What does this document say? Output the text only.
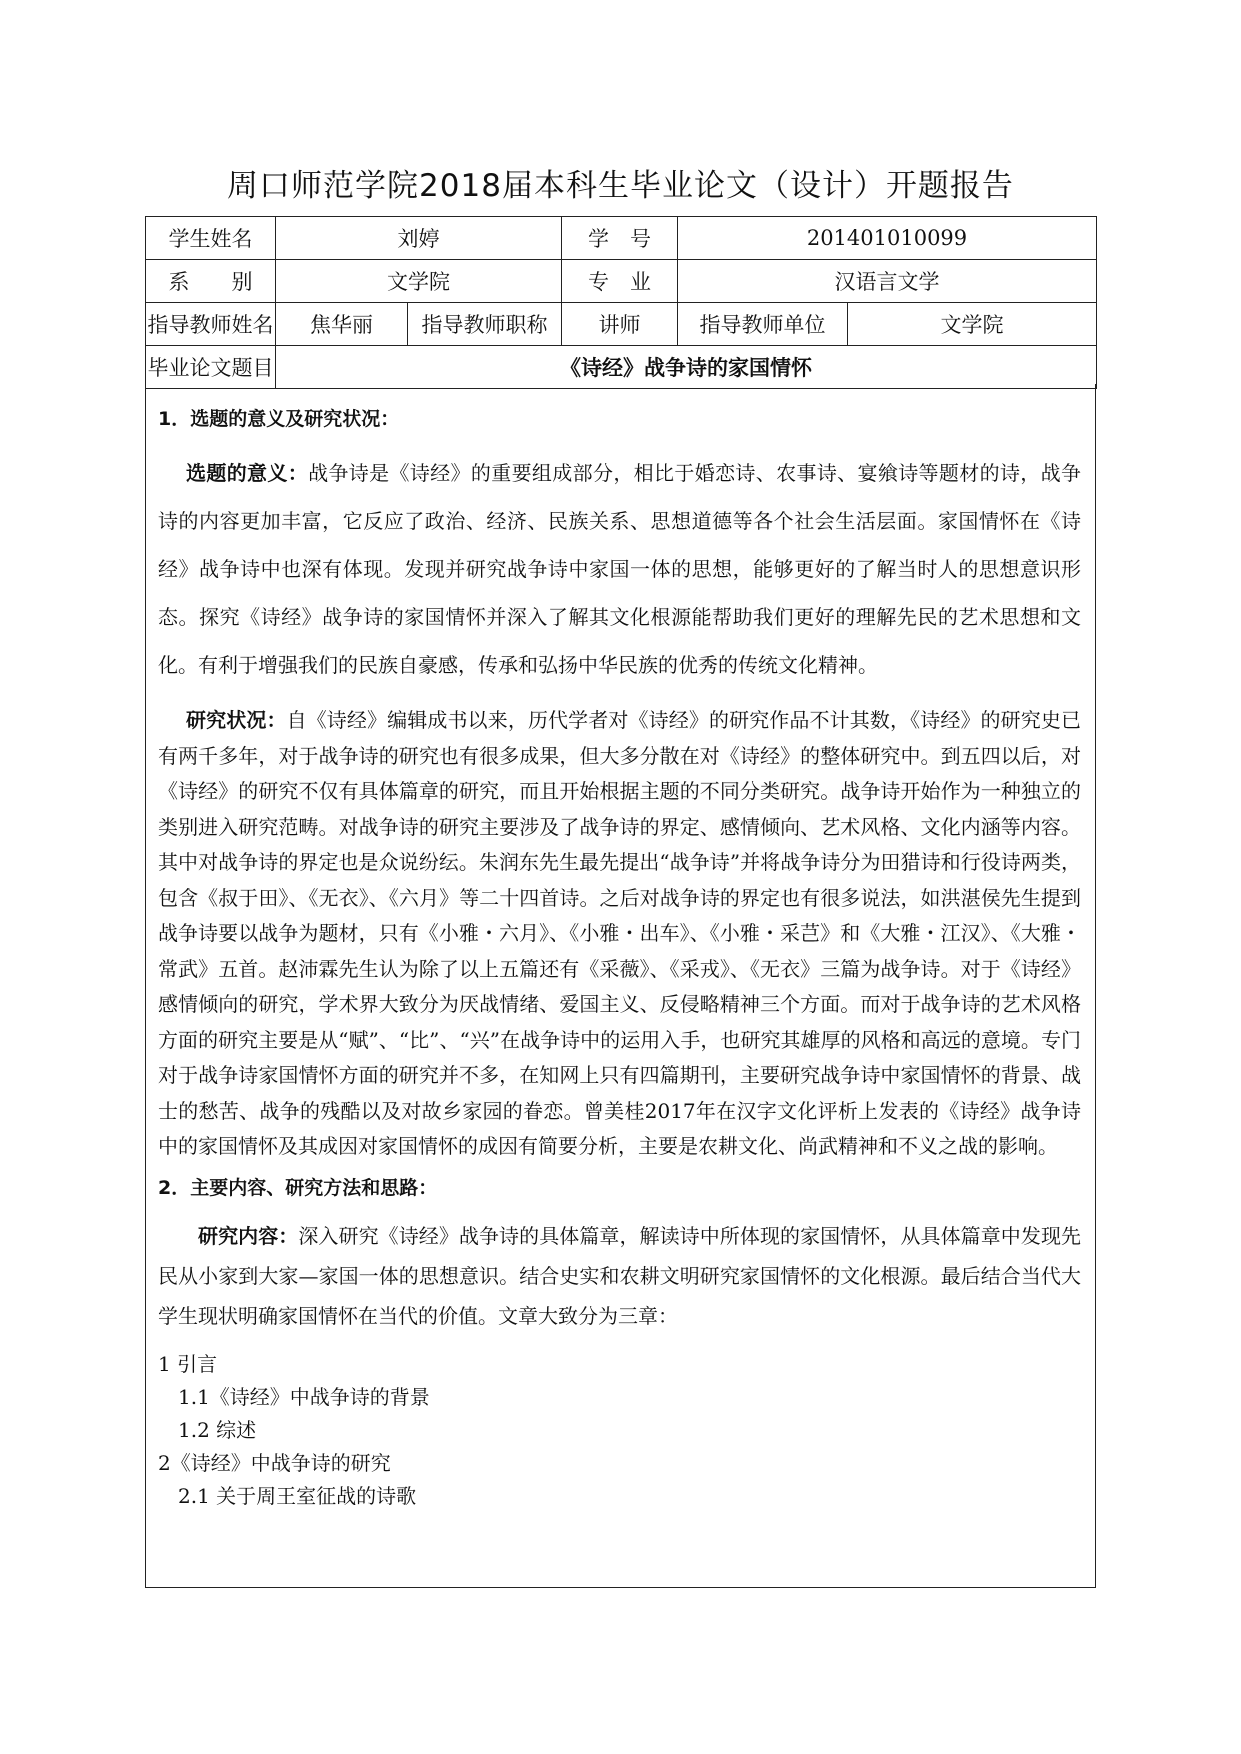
周口师范学院2018届本科生毕业论文（设计）开题报告
学生姓名	刘婷		学　号	201401010099	
系　　别	文学院		专　业	汉语言文学	
指导教师姓名	焦华丽	指导教师职称	讲师	指导教师单位	文学院
毕业论文题目	《诗经》战争诗的家国情怀				
1．选题的意义及研究状况：
选题的意义：战争诗是《诗经》的重要组成部分，相比于婚恋诗、农事诗、宴飨诗等题材的诗，战争诗的内容更加丰富，它反应了政治、经济、民族关系、思想道德等各个社会生活层面。家国情怀在《诗经》战争诗中也深有体现。发现并研究战争诗中家国一体的思想，能够更好的了解当时人的思想意识形态。探究《诗经》战争诗的家国情怀并深入了解其文化根源能帮助我们更好的理解先民的艺术思想和文化。有利于增强我们的民族自豪感，传承和弘扬中华民族的优秀的传统文化精神。
研究状况：自《诗经》编辑成书以来，历代学者对《诗经》的研究作品不计其数，《诗经》的研究史已有两千多年，对于战争诗的研究也有很多成果，但大多分散在对《诗经》的整体研究中。到五四以后，对《诗经》的研究不仅有具体篇章的研究，而且开始根据主题的不同分类研究。战争诗开始作为一种独立的类别进入研究范畴。对战争诗的研究主要涉及了战争诗的界定、感情倾向、艺术风格、文化内涵等内容。其中对战争诗的界定也是众说纷纭。朱润东先生最先提出“战争诗”并将战争诗分为田猎诗和行役诗两类，包含《叔于田》、《无衣》、《六月》等二十四首诗。之后对战争诗的界定也有很多说法，如洪湛侯先生提到战争诗要以战争为题材，只有《小雅・六月》、《小雅・出车》、《小雅・采芑》和《大雅・江汉》、《大雅・常武》五首。赵沛霖先生认为除了以上五篇还有《采薇》、《采戎》、《无衣》三篇为战争诗。对于《诗经》感情倾向的研究，学术界大致分为厌战情绪、爱国主义、反侵略精神三个方面。而对于战争诗的艺术风格方面的研究主要是从“赋”、“比”、“兴”在战争诗中的运用入手，也研究其雄厚的风格和高远的意境。专门对于战争诗家国情怀方面的研究并不多，在知网上只有四篇期刊，主要研究战争诗中家国情怀的背景、战士的愁苦、战争的残酷以及对故乡家园的眷恋。曾美桂2017年在汉字文化评析上发表的《诗经》战争诗中的家国情怀及其成因对家国情怀的成因有简要分析，主要是农耕文化、尚武精神和不义之战的影响。
2．主要内容、研究方法和思路：
研究内容：深入研究《诗经》战争诗的具体篇章，解读诗中所体现的家国情怀，从具体篇章中发现先民从小家到大家—家国一体的思想意识。结合史实和农耕文明研究家国情怀的文化根源。最后结合当代大学生现状明确家国情怀在当代的价值。文章大致分为三章：
1 引言
1.1《诗经》中战争诗的背景
1.2 综述
2《诗经》中战争诗的研究
2.1 关于周王室征战的诗歌
